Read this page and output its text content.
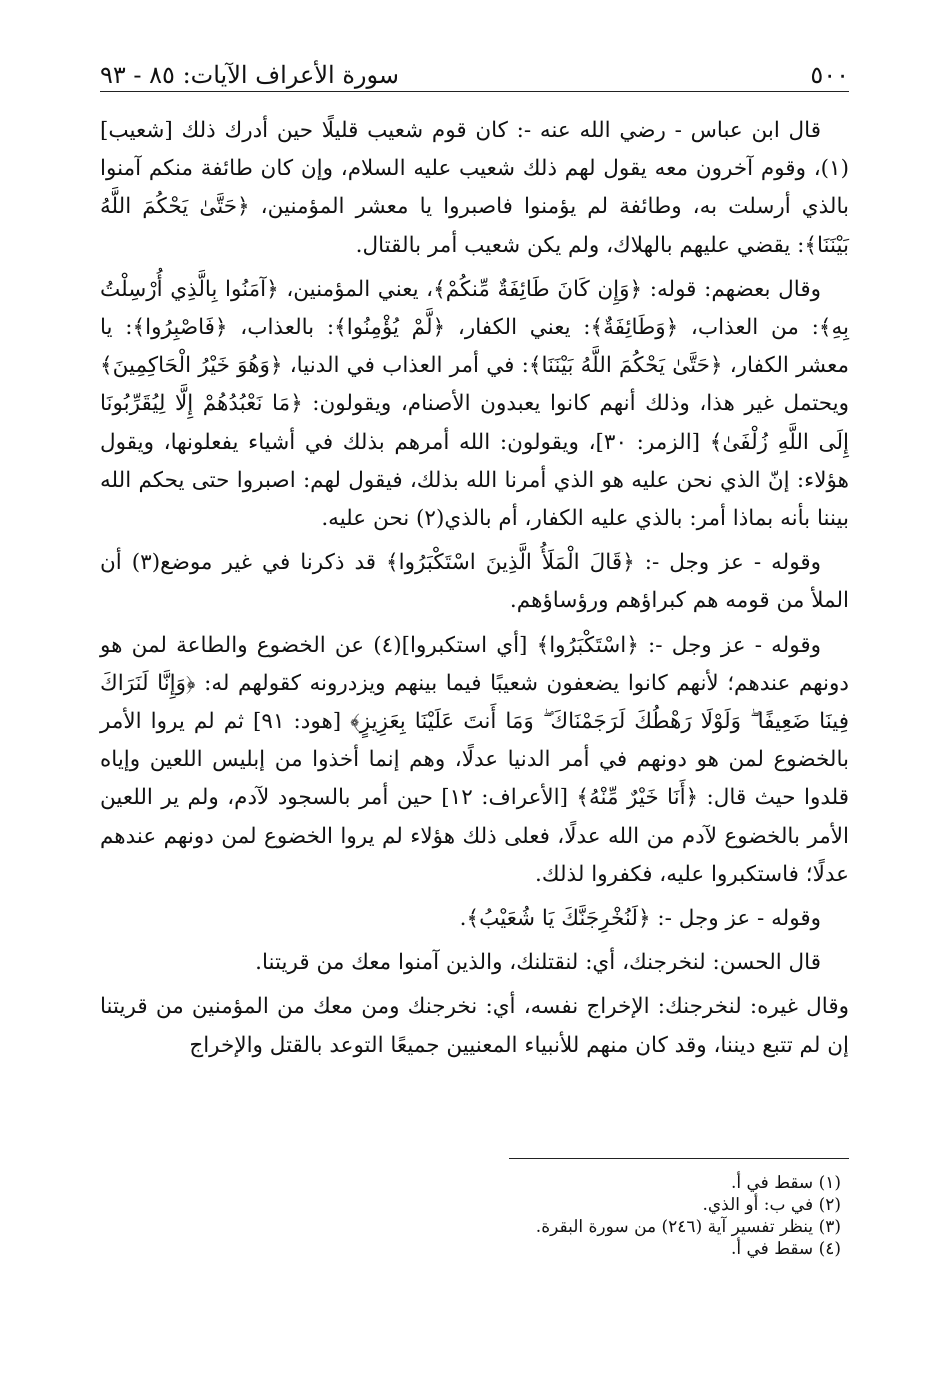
٥٠٠
سورة الأعراف الآيات: ٨٥ - ٩٣

قال ابن عباس - رضي الله عنه -: كان قوم شعيب قليلًا حين أدرك ذلك [شعيب](١)، وقوم آخرون معه يقول لهم ذلك شعيب عليه السلام، وإن كان طائفة منكم آمنوا بالذي أرسلت به، وطائفة لم يؤمنوا فاصبروا يا معشر المؤمنين، ﴿حَتَّىٰ يَحْكُمَ اللَّهُ بَيْنَنَا﴾: يقضي عليهم بالهلاك، ولم يكن شعيب أمر بالقتال.

وقال بعضهم: قوله: ﴿وَإِن كَانَ طَائِفَةٌ مِّنكُمْ﴾، يعني المؤمنين، ﴿آمَنُوا بِالَّذِي أُرْسِلْتُ بِهِ﴾: من العذاب، ﴿وَطَائِفَةٌ﴾: يعني الكفار، ﴿لَّمْ يُؤْمِنُوا﴾: بالعذاب، ﴿فَاصْبِرُوا﴾: يا معشر الكفار، ﴿حَتَّىٰ يَحْكُمَ اللَّهُ بَيْنَنَا﴾: في أمر العذاب في الدنيا، ﴿وَهُوَ خَيْرُ الْحَاكِمِينَ﴾ ويحتمل غير هذا، وذلك أنهم كانوا يعبدون الأصنام، ويقولون: ﴿مَا نَعْبُدُهُمْ إِلَّا لِيُقَرِّبُونَا إِلَى اللَّهِ زُلْفَىٰ﴾ [الزمر: ٣٠]، ويقولون: الله أمرهم بذلك في أشياء يفعلونها، ويقول هؤلاء: إنّ الذي نحن عليه هو الذي أمرنا الله بذلك، فيقول لهم: اصبروا حتى يحكم الله بيننا بأنه بماذا أمر: بالذي عليه الكفار، أم بالذي(٢) نحن عليه.

وقوله - عز وجل -: ﴿قَالَ الْمَلَأُ الَّذِينَ اسْتَكْبَرُوا﴾ قد ذكرنا في غير موضع(٣) أن الملأ من قومه هم كبراؤهم ورؤساؤهم.

وقوله - عز وجل -: ﴿اسْتَكْبَرُوا﴾ [أي استكبروا](٤) عن الخضوع والطاعة لمن هو دونهم عندهم؛ لأنهم كانوا يضعفون شعيبًا فيما بينهم ويزدرونه كقولهم له: ﴿وَإِنَّا لَنَرَاكَ فِينَا ضَعِيفًا ۖ وَلَوْلَا رَهْطُكَ لَرَجَمْنَاكَ ۖ وَمَا أَنتَ عَلَيْنَا بِعَزِيزٍ﴾ [هود: ٩١] ثم لم يروا الأمر بالخضوع لمن هو دونهم في أمر الدنيا عدلًا، وهم إنما أخذوا من إبليس اللعين وإياه قلدوا حيث قال: ﴿أَنَا خَيْرٌ مِّنْهُ﴾ [الأعراف: ١٢] حين أمر بالسجود لآدم، ولم ير اللعين الأمر بالخضوع لآدم من الله عدلًا، فعلى ذلك هؤلاء لم يروا الخضوع لمن دونهم عندهم عدلًا؛ فاستكبروا عليه، فكفروا لذلك.

وقوله - عز وجل -: ﴿لَنُخْرِجَنَّكَ يَا شُعَيْبُ﴾.

قال الحسن: لنخرجنك، أي: لنقتلنك، والذين آمنوا معك من قريتنا.

وقال غيره: لنخرجنك: الإخراج نفسه، أي: نخرجنك ومن معك من المؤمنين من قريتنا إن لم تتبع ديننا، وقد كان منهم للأنبياء المعنيين جميعًا التوعد بالقتل والإخراج

(١) سقط في أ.
(٢) في ب: أو الذي.
(٣) ينظر تفسير آية (٢٤٦) من سورة البقرة.
(٤) سقط في أ.
